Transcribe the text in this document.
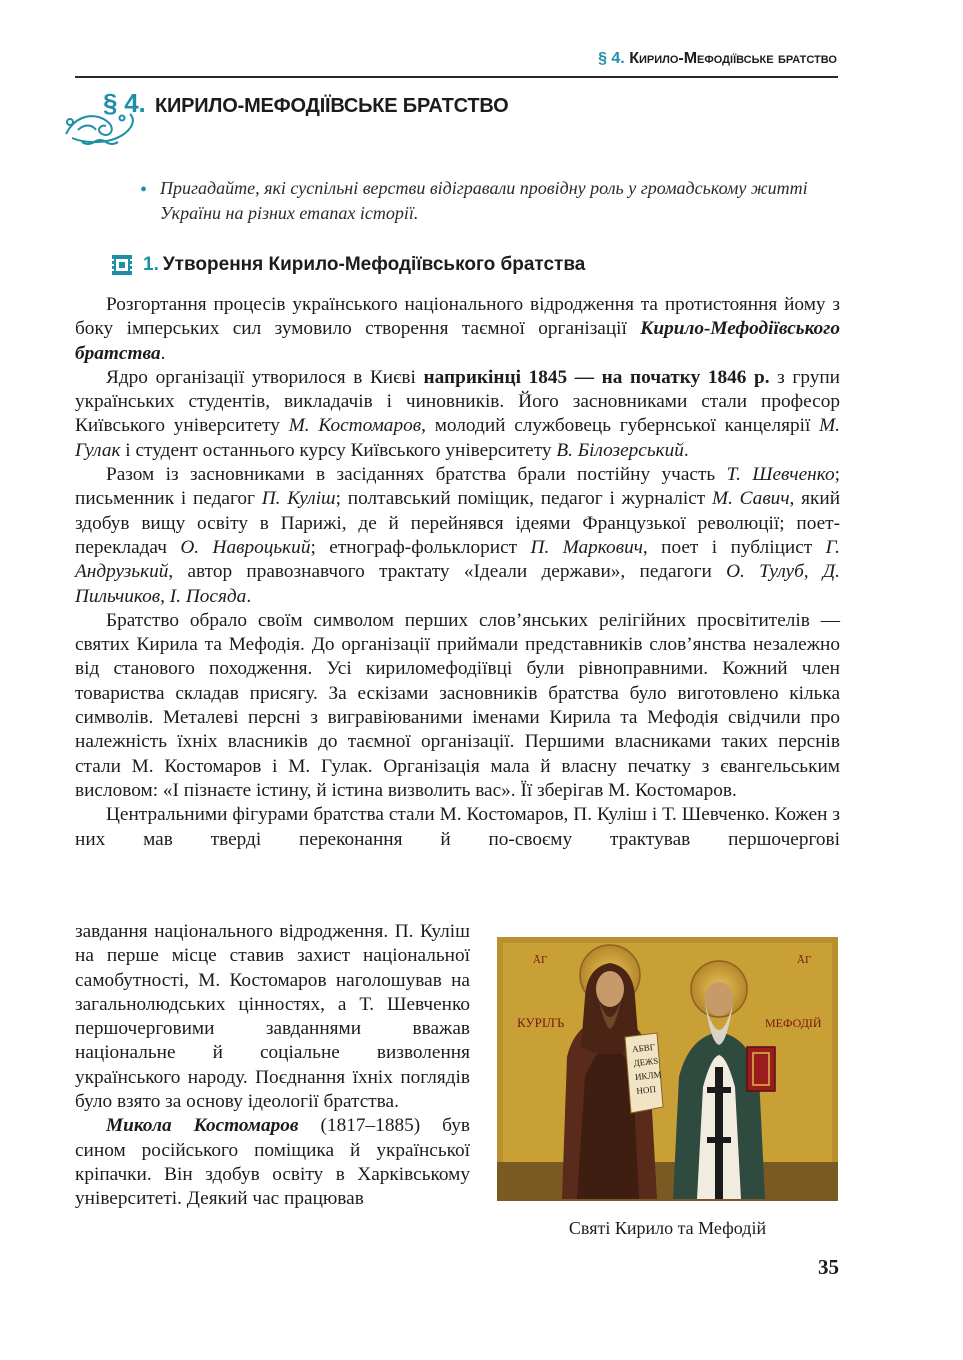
§ 4. Кирило-Мефодіївське братство
§ 4. КИРИЛО-МЕФОДІЇВСЬКЕ БРАТСТВО
• Пригадайте, які суспільні верстви відігравали провідну роль у громадському житті України на різних етапах історії.
1. Утворення Кирило-Мефодіївського братства

Розгортання процесів українського національного відродження та протистояння йому з боку імперських сил зумовило створення таємної організації Кирило-Мефодіївського братства.

Ядро організації утворилося в Києві наприкінці 1845 — на початку 1846 р. з групи українських студентів, викладачів і чиновників. Його засновниками стали професор Київського університету М. Костомаров, молодий службовець губернської канцелярії М. Гулак і студент останнього курсу Київського університету В. Білозерський.

Разом із засновниками в засіданнях братства брали постійну участь Т. Шевченко; письменник і педагог П. Куліш; полтавський поміщик, педагог і журналіст М. Савич, який здобув вищу освіту в Парижі, де й перейнявся ідеями Французької революції; поет-перекладач О. Навроцький; етнограф-фольклорист П. Маркович, поет і публіцист Г. Андрузький, автор правознавчого трактату «Ідеали держави», педагоги О. Тулуб, Д. Пильчиков, І. Посяда.

Братство обрало своїм символом перших слов’янських релігійних просвітителів — святих Кирила та Мефодія. До організації приймали представників слов’янства незалежно від станового походження. Усі кириломефодіївці були рівноправними. Кожний член товариства складав присягу. За ескізами засновників братства було виготовлено кілька символів. Металеві персні з вигравіюваними іменами Кирила та Мефодія свідчили про належність їхніх власників до таємної організації. Першими власниками таких перснів стали М. Костомаров і М. Гулак. Організація мала й власну печатку з євангельським висловом: «І пізнаєте істину, й істина визволить вас». Її зберігав М. Костомаров.

Центральними фігурами братства стали М. Костомаров, П. Куліш і Т. Шевченко. Кожен з них мав тверді переконання й по-своєму трактував першочергові

завдання національного відродження. П. Куліш на перше місце ставив захист національної самобутності, М. Костомаров наголошував на загальнолюдських цінностях, а Т. Шевченко першочерговими завданнями вважав національне й соціальне визволення українського народу. Поєднання їхніх поглядів було взято за основу ідеології братства.

Микола Костомаров (1817–1885) був сином російського поміщика й української кріпачки. Він здобув освіту в Харківському університеті. Деякий час працював

ĀГ	ĀГ
КУРІЛЪ	МЕФОДІЙ
АБВГ
ДЕЖЅ
ИКЛМ
НОП
Святі Кирило та Мефодій
35
